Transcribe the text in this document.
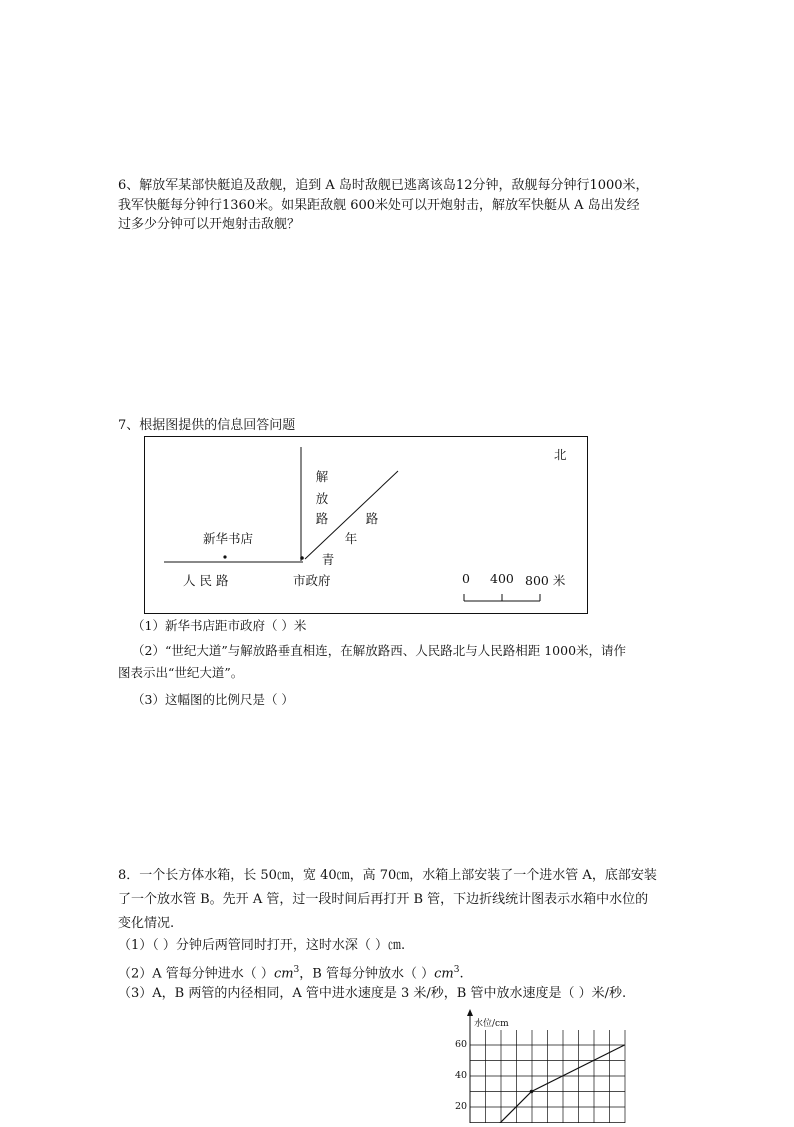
6、解放军某部快艇追及敌舰，追到 A 岛时敌舰已逃离该岛12分钟，敌舰每分钟行1000米，
我军快艇每分钟行1360米。如果距敌舰 600米处可以开炮射击，解放军快艇从 A 岛出发经
过多少分钟可以开炮射击敌舰？
7、根据图提供的信息回答问题
北
解
放
路	路
年
青
新华书店
人 民 路	市政府	0 400 800 米
（1）新华书店距市政府（ ）米
（2）“世纪大道”与解放路垂直相连，在解放路西、人民路北与人民路相距 1000米，请作
图表示出“世纪大道”。
（3）这幅图的比例尺是（ ）
8．一个长方体水箱，长 50㎝，宽 40㎝，高 70㎝，水箱上部安装了一个进水管 A，底部安装
了一个放水管 B。先开 A 管，过一段时间后再打开 B 管，下边折线统计图表示水箱中水位的
变化情况.
（1）（ ）分钟后两管同时打开，这时水深（ ）㎝.
（2）A 管每分钟进水（ ）$cm^3$，B 管每分钟放水（ ）$cm^3$.
（3）A，B 两管的内径相同，A 管中进水速度是 3 米/秒，B 管中放水速度是（ ）米/秒.
水位/cm
60
40
20
